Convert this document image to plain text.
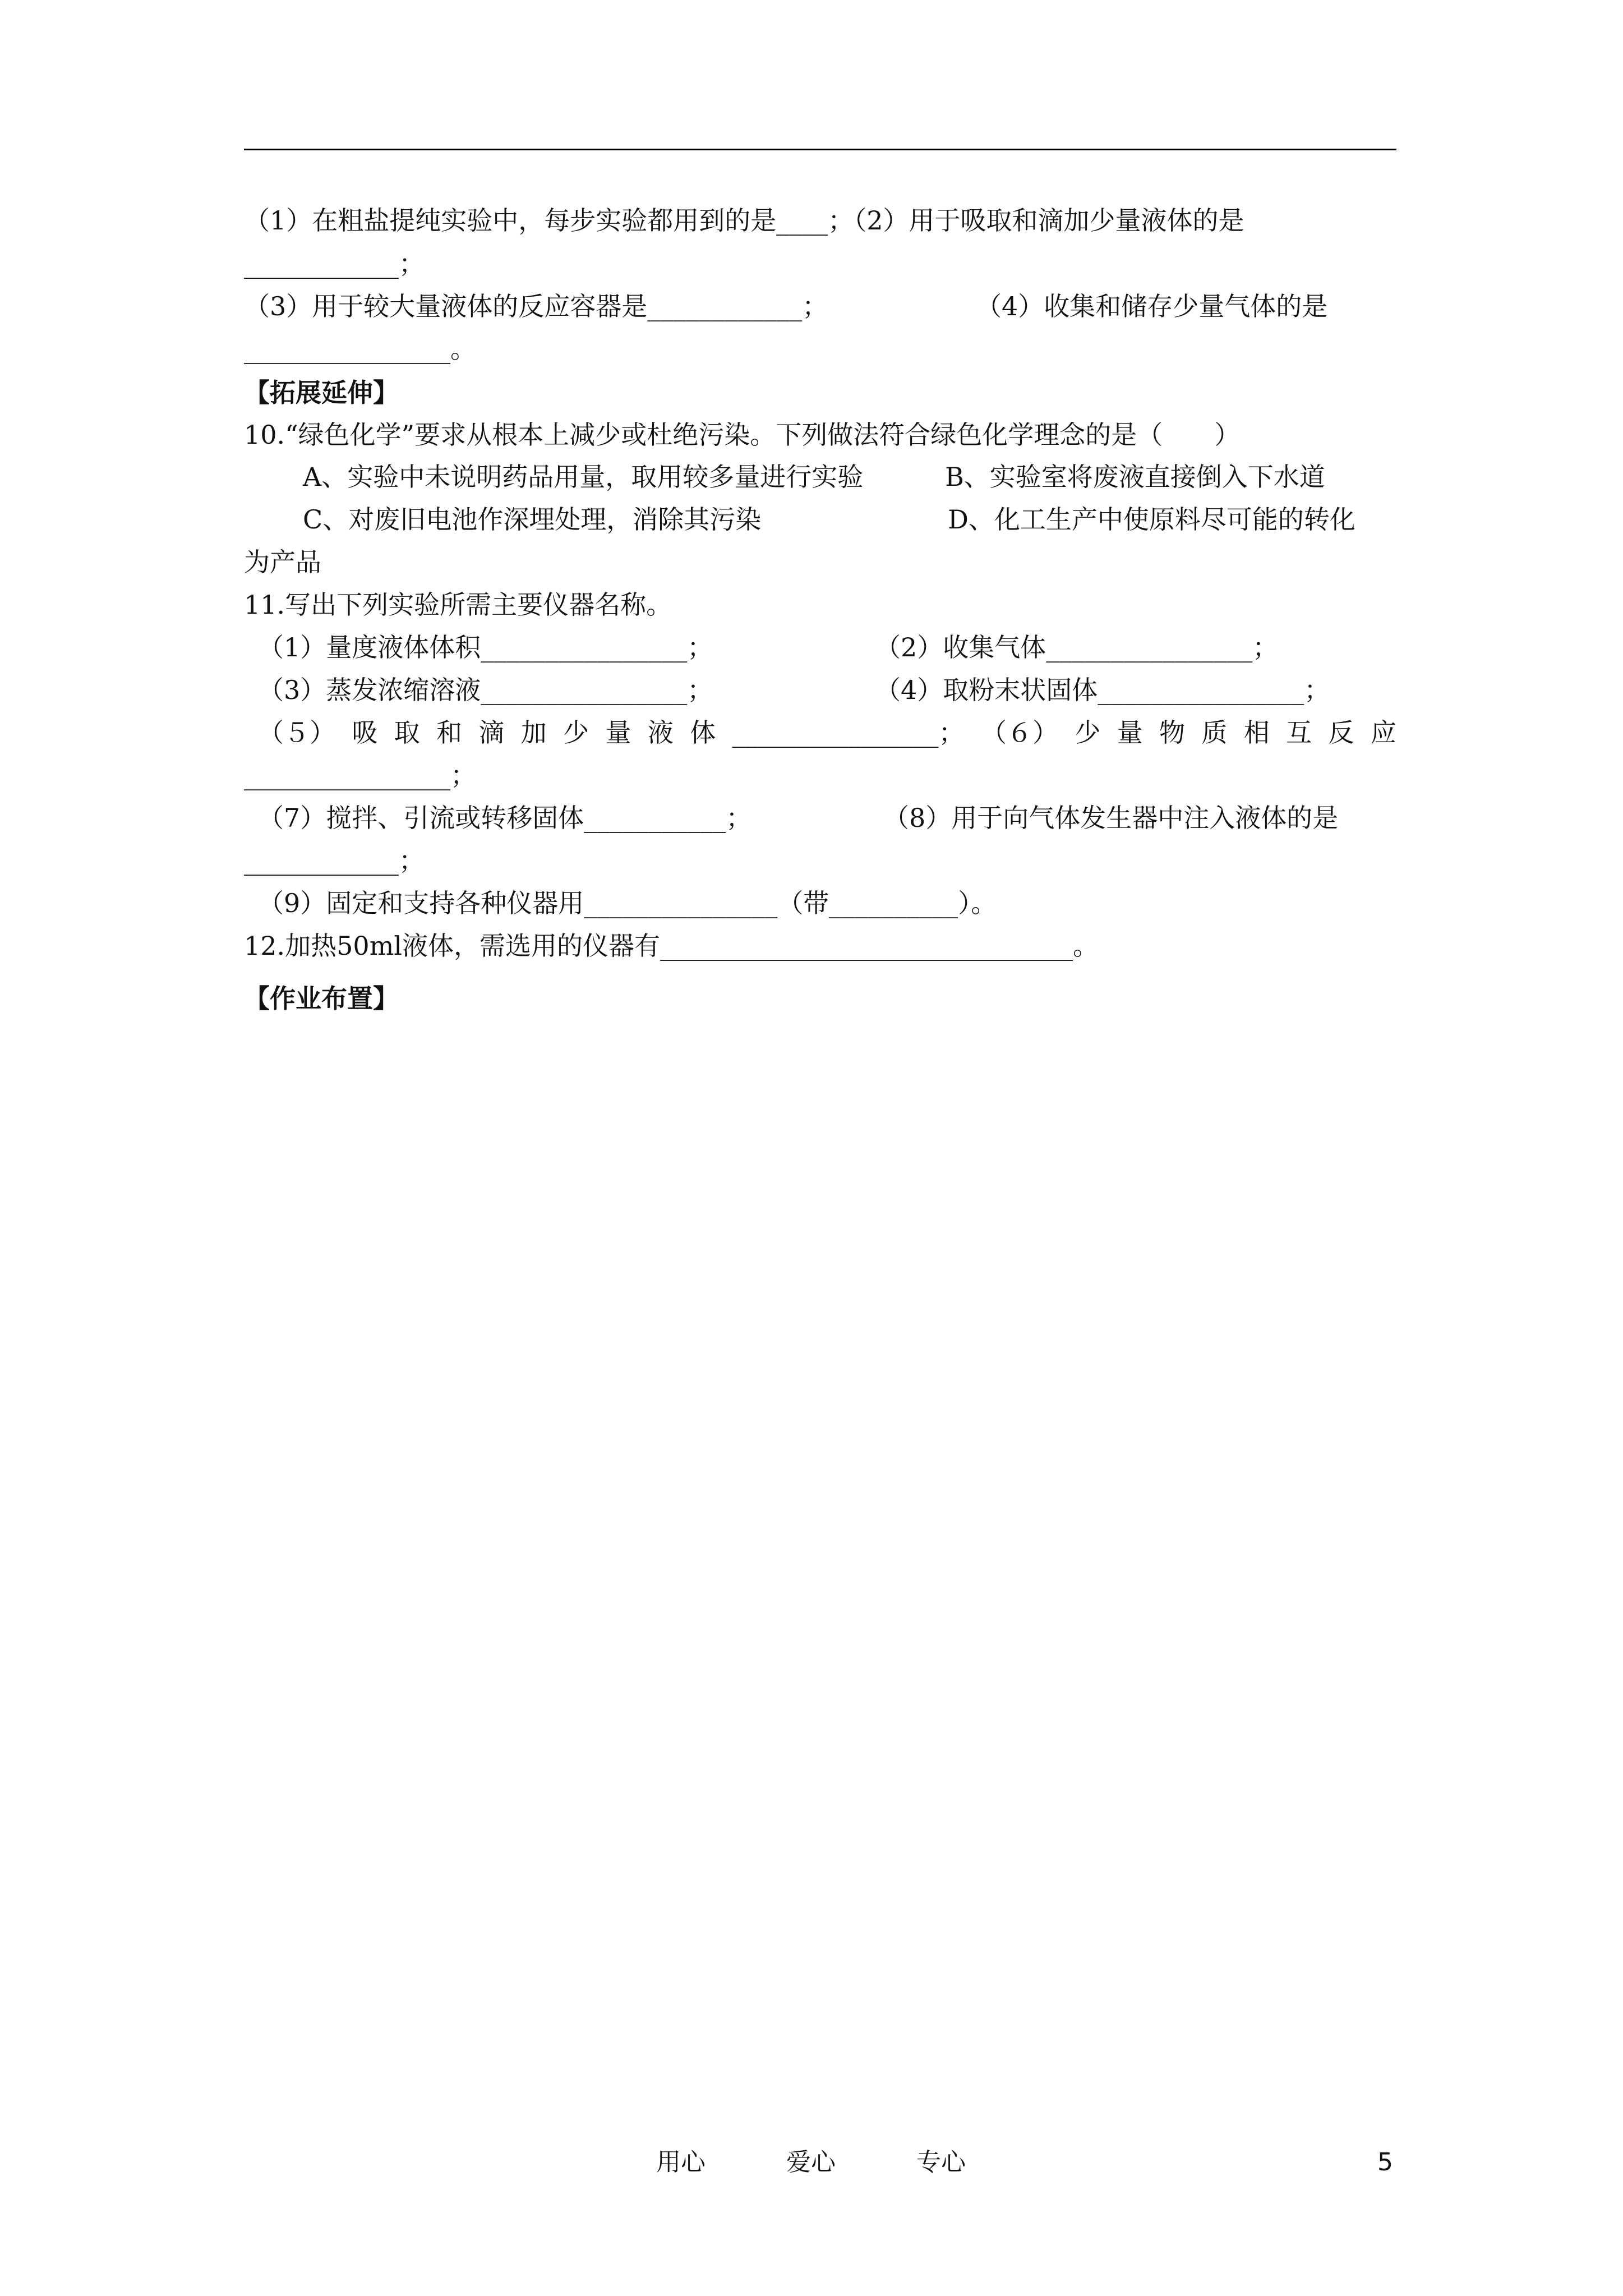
（1）在粗盐提纯实验中，每步实验都用到的是____；（2）用于吸取和滴加少量液体的是
____________；
（3）用于较大量液体的反应容器是____________；	（4）收集和储存少量气体的是
________________。
【拓展延伸】
10.“绿色化学”要求从根本上减少或杜绝污染。下列做法符合绿色化学理念的是（　　）
A、实验中未说明药品用量，取用较多量进行实验	B、实验室将废液直接倒入下水道
C、对废旧电池作深埋处理，消除其污染	D、化工生产中使原料尽可能的转化
为产品
11.写出下列实验所需主要仪器名称。
（1）量度液体体积________________；	（2）收集气体________________；
（3）蒸发浓缩溶液________________；	（4）取粉末状固体________________；
（５） 吸 取 和 滴 加 少 量 液 体 ________________； （６） 少 量 物 质 相 互 反 应
________________；
（7）搅拌、引流或转移固体___________；	（8）用于向气体发生器中注入液体的是
____________；
（9）固定和支持各种仪器用_______________（带__________）。
12.加热50ml液体，需选用的仪器有________________________________。
【作业布置】
用心	爱心	专心	5
